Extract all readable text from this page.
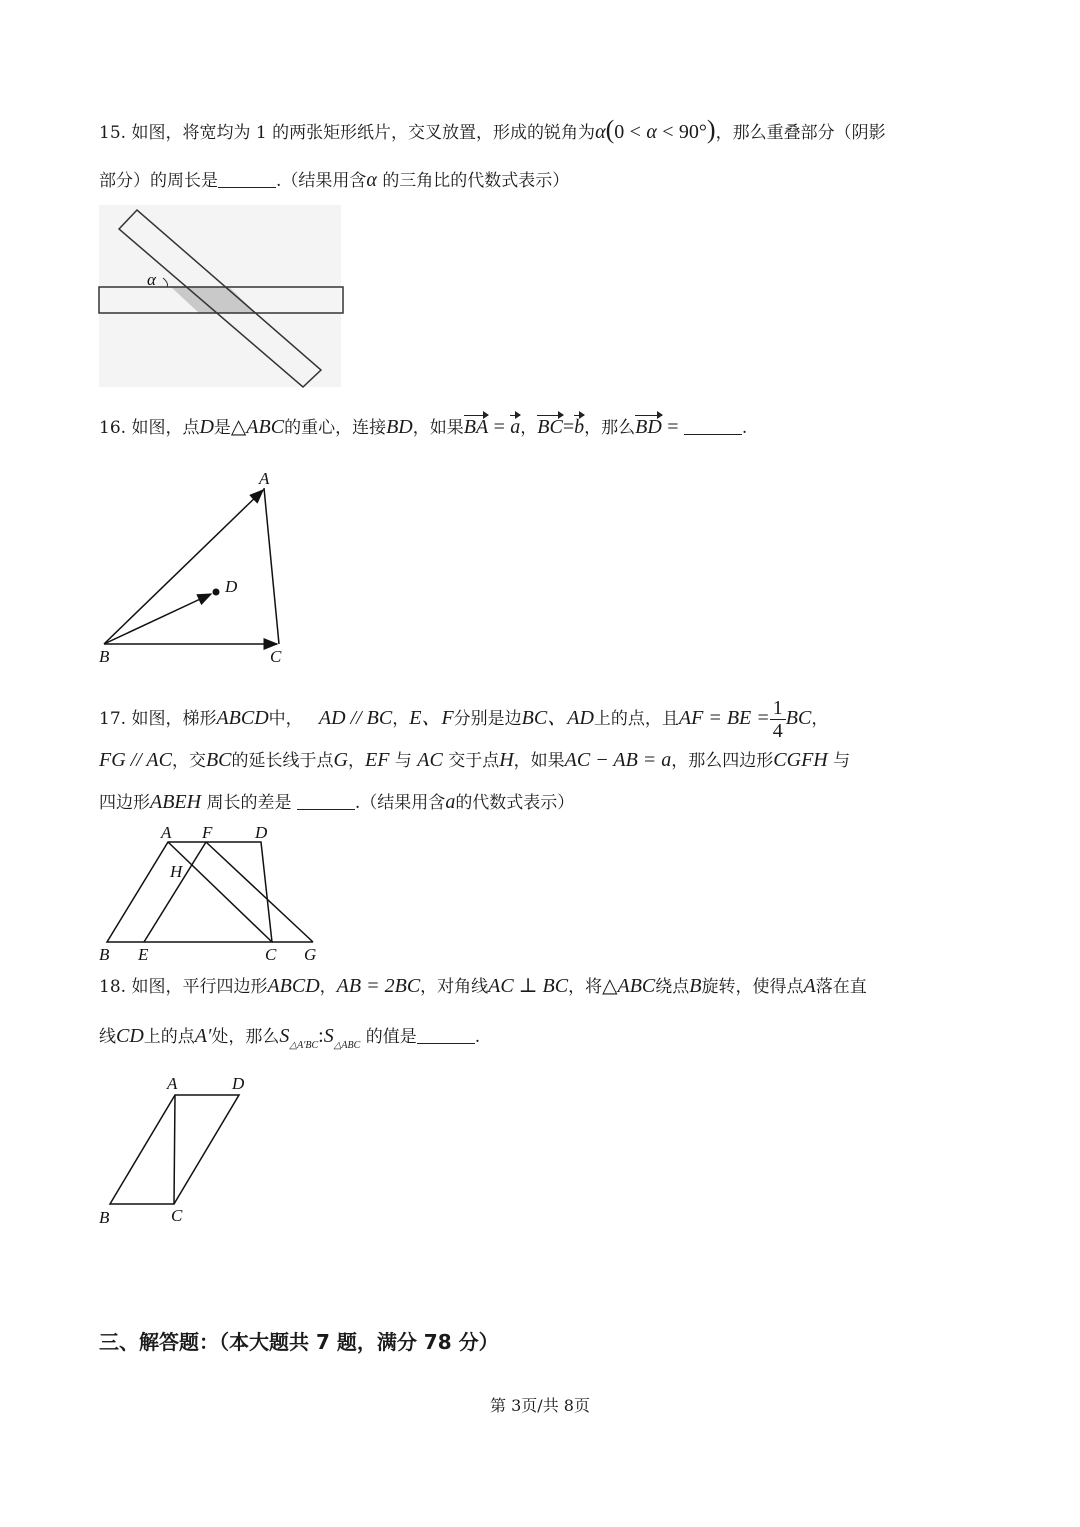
15. 如图，将宽均为 1 的两张矩形纸片，交叉放置，形成的锐角为α(0 < α < 90°)，那么重叠部分（阴影
部分）的周长是	.（结果用含α 的三角比的代数式表示）
α
16. 如图，点D是△ABC的重心，连接BD，如果BA = a，BC=b，那么BD =	.
A
D
B	C
17. 如图，梯形ABCD中， AD // BC，E、F分别是边BC、AD上的点，且AF = BE = $\frac{1}{4}$ BC，
FG // AC，交BC的延长线于点G，EF 与 AC 交于点H，如果AC − AB = a，那么四边形CGFH 与
四边形ABEH 周长的差是	.（结果用含a的代数式表示）
A F	D
H
B E	C G
18. 如图，平行四边形ABCD，AB = 2BC，对角线AC ⊥ BC，将△ABC绕点B旋转，使得点A落在直
线CD上的点A′处，那么$S_{\triangle A'BC}:S_{\triangle ABC}$ 的值是	.
A	D
B	C
三、解答题：（本大题共 7 题，满分 78 分）
第 3页/共 8页
